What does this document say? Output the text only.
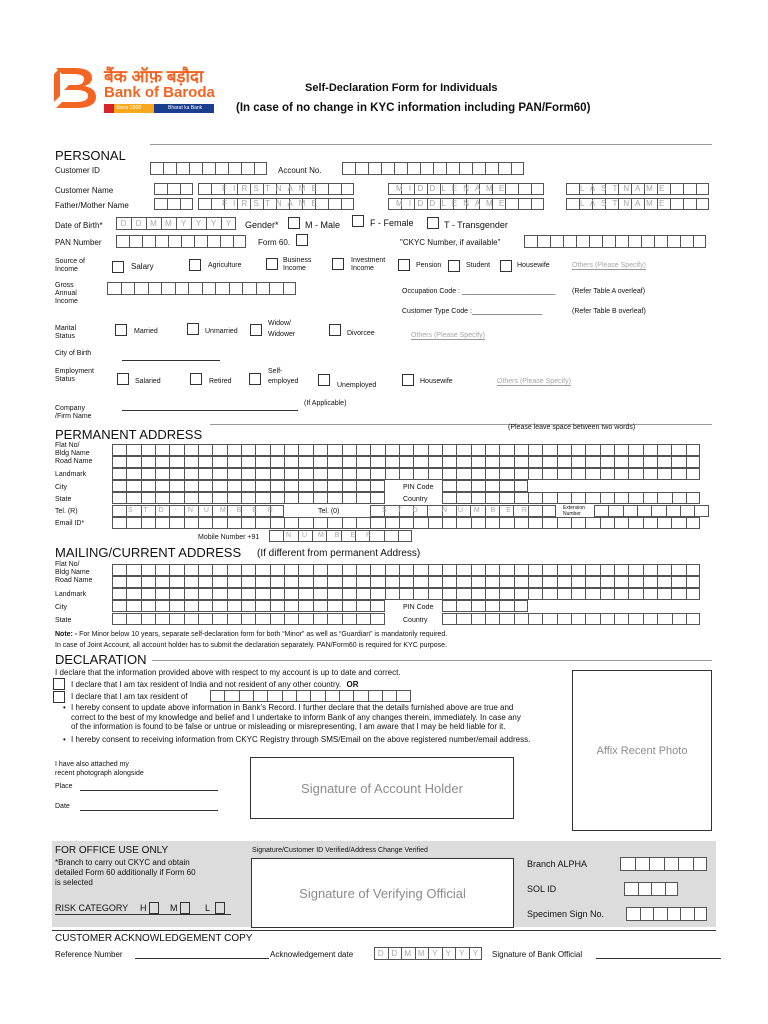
बैंक ऑफ़ बड़ौदा
Bank of Baroda
Since 1908	Bharat ka Bank
Self-Declaration Form for Individuals
(In case of no change in KYC information including PAN/Form60)
PERSONAL
Customer ID	Account No.
Customer Name
Father/Mother Name
F I R S T N A M E	M I D D L E N A M E	L A S T N A M E
F I R S T N A M E	M I D D L E N A M E	L A S T N A M E
Date of Birth*	D	D	M	M	Y	Y	Y	Y	Gender*	M - Male	F - Female	T - Transgender
PAN Number	Form 60.	"CKYC Number, if available"
Source of
Income	Salary	Agriculture
Business
Income
Investment
Income	Pension	Student	Housewife	Others (Please Specify)
Gross
Annual
Income
Occupation Code : ________________________ (Refer Table A overleaf)
Customer Type Code :__________________	(Refer Table B overleaf)
Marital
Status
Married	Unmarried
Widow/
Widower	Divorcee	Others (Please Specify)
City of Birth
Employment
Status	Salaried	Retired
Self-
employed
Unemployed
Housewife	Others (Please Specify)
Company
/Firm Name
(If Applicable)
PERMANENT ADDRESS	(Please leave space between two words)
Flat No/
Bldg Name
Road Name
Landmark
City
State
PIN Code
Country
Tel. (R)	S T D - N U M B E R	Tel. (0)	S T D - N U M B E R	Extension
Number
Email ID*
Mobile Number +91	N U M B E R
MAILING/CURRENT ADDRESS (If different from permanent Address)
Flat No/
Bldg Name
Road Name
Landmark
City
State
PIN Code
Country
Note: - For Minor below 10 years, separate self-declaration form for both “Minor” as well as “Guardian” is mandatorily required.
In case of Joint Account, all account holder has to submit the declaration separately. PAN/Form60 is required for KYC purpose.
DECLARATION
I declare that the information provided above with respect to my account is up to date and correct.
I declare that I am tax resident of India and not resident of any other country. OR
I declare that I am tax resident of
• I hereby consent to update above information in Bank’s Record. I further declare that the details furnished above are true and
correct to the best of my knowledge and belief and I undertake to inform Bank of any changes therein, immediately. In case any
of the information is found to be false or untrue or misleading or misrepresenting, I am aware that I may be held liable for it.
• I hereby consent to receiving information from CKYC Registry through SMS/Email on the above registered number/email address.
Affix Recent Photo
I have also attached my
recent photograph alongside
Place
Date
Signature of Account Holder
FOR OFFICE USE ONLY	Signature/Customer ID Verified/Address Change Verified
*Branch to carry out CKYC and obtain
detailed Form 60 additionally if Form 60
is selected
RISK CATEGORY H	M	L
Signature of Verifying Official
Branch ALPHA
SOL ID
Specimen Sign No.
CUSTOMER ACKNOWLEDGEMENT COPY
Reference Number	Acknowledgement date	D D M M Y	Y	Y	Y	Signature of Bank Official
